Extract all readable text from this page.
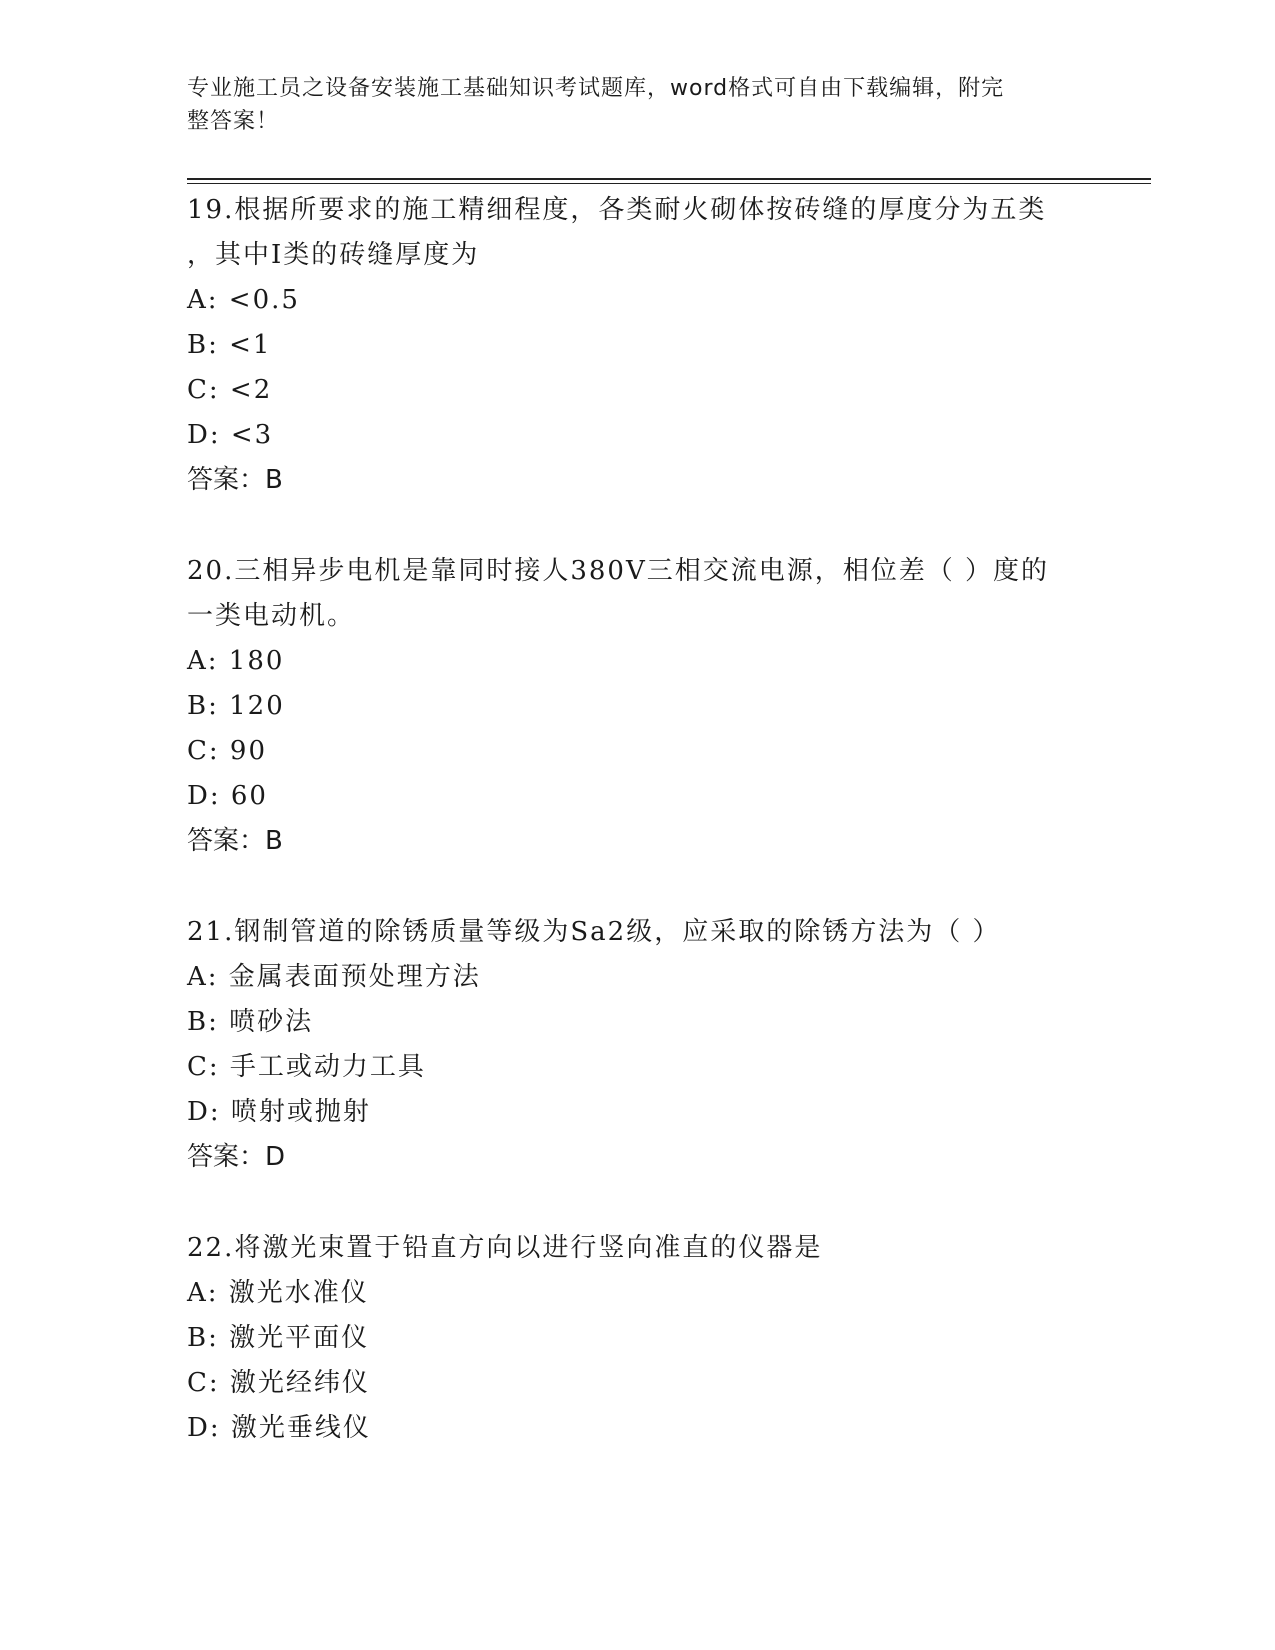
专业施工员之设备安装施工基础知识考试题库，word格式可自由下载编辑，附完
整答案！

19.根据所要求的施工精细程度，各类耐火砌体按砖缝的厚度分为五类

，其中Ⅰ类的砖缝厚度为

A: <0.5

B: <1

C: <2

D: <3

答案：B

20.三相异步电机是靠同时接人380V三相交流电源，相位差（ ）度的

一类电动机。

A: 180

B: 120

C: 90

D: 60

答案：B

21.钢制管道的除锈质量等级为Sa2级，应采取的除锈方法为（ ）

A: 金属表面预处理方法

B: 喷砂法

C: 手工或动力工具

D: 喷射或抛射

答案：D

22.将激光束置于铅直方向以进行竖向准直的仪器是

A: 激光水准仪

B: 激光平面仪

C: 激光经纬仪

D: 激光垂线仪
